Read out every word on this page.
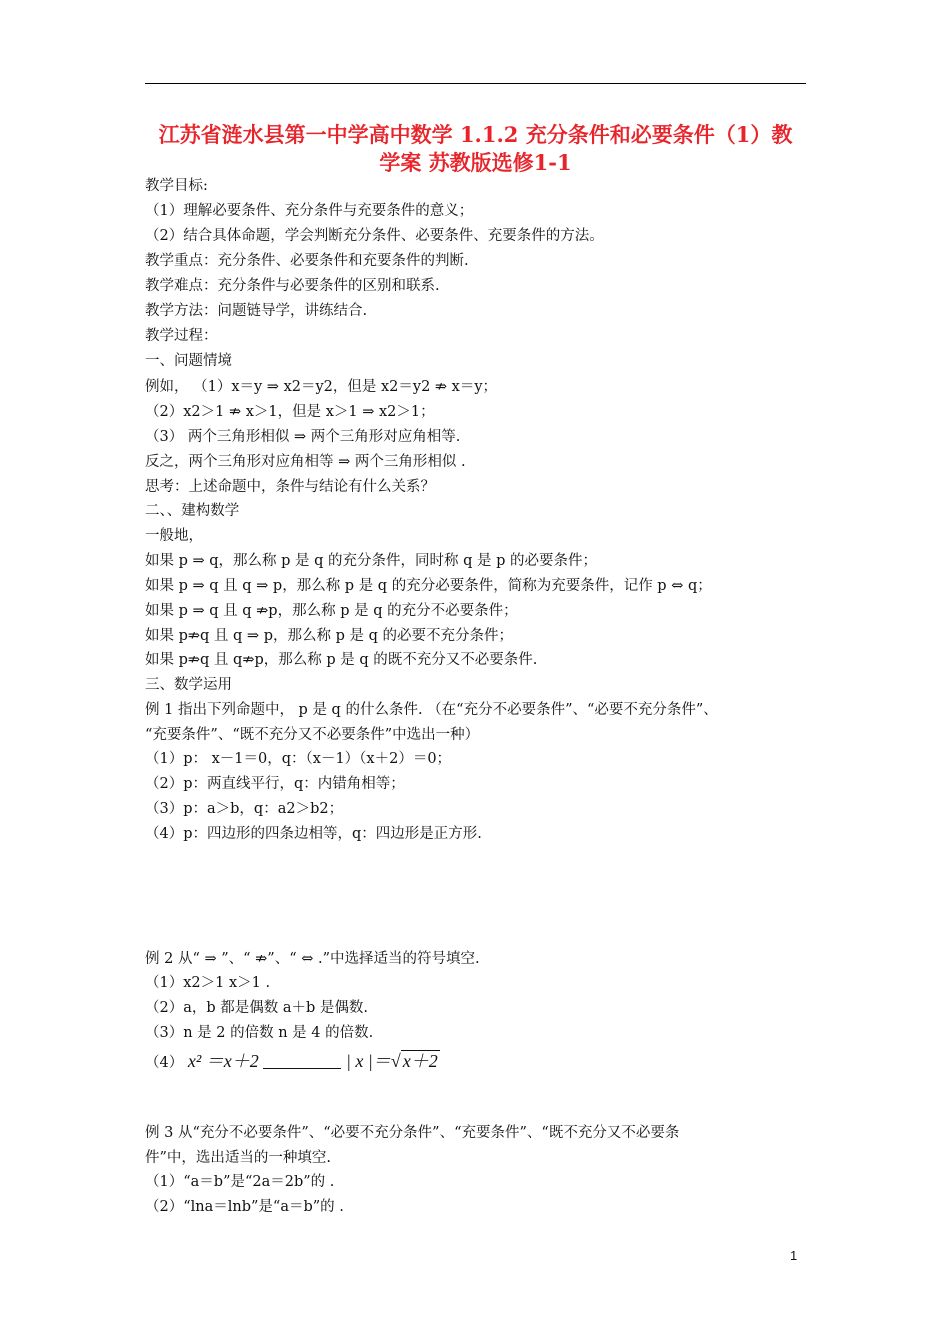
江苏省涟水县第一中学高中数学 1.1.2 充分条件和必要条件（1）教
学案 苏教版选修1-1
教学目标:
（1）理解必要条件、充分条件与充要条件的意义；
（2）结合具体命题，学会判断充分条件、必要条件、充要条件的方法。
教学重点：充分条件、必要条件和充要条件的判断.
教学难点：充分条件与必要条件的区别和联系.
教学方法：问题链导学，讲练结合.
教学过程：
一、问题情境
例如， （1）x＝y ⇒ x2＝y2，但是 x2＝y2 ⇏ x＝y；
（2）x2＞1 ⇏ x＞1，但是 x＞1 ⇒ x2＞1；
（3） 两个三角形相似 ⇒ 两个三角形对应角相等.
反之，两个三角形对应角相等 ⇒ 两个三角形相似 .
思考：上述命题中，条件与结论有什么关系？
二、、建构数学
一般地，
如果 p ⇒ q，那么称 p 是 q 的充分条件，同时称 q 是 p 的必要条件；
如果 p ⇒ q 且 q ⇒ p，那么称 p 是 q 的充分必要条件，简称为充要条件，记作 p ⇔ q；
如果 p ⇒ q 且 q ⇏p，那么称 p 是 q 的充分不必要条件；
如果 p⇏q 且 q ⇒ p，那么称 p 是 q 的必要不充分条件；
如果 p⇏q 且 q⇏p，那么称 p 是 q 的既不充分又不必要条件.
三、数学运用
例 1 指出下列命题中， p 是 q 的什么条件. （在“充分不必要条件”、“必要不充分条件”、
“充要条件”、“既不充分又不必要条件”中选出一种）
（1）p： x－1＝0，q：（x－1）（x＋2）＝0；
（2）p：两直线平行，q：内错角相等；
（3）p：a＞b，q：a2＞b2；
（4）p：四边形的四条边相等，q：四边形是正方形.
例 2 从“ ⇒ ”、“ ⇏”、“ ⇔ .”中选择适当的符号填空.
（1）x2＞1 x＞1 .
（2）a，b 都是偶数 a＋b 是偶数.
（3）n 是 2 的倍数 n 是 4 的倍数.
（4） x² ＝x＋2	| x |＝√ x＋2
例 3 从“充分不必要条件”、“必要不充分条件”、“充要条件”、“既不充分又不必要条
件”中，选出适当的一种填空.
（1）“a＝b”是“2a＝2b”的 .
（2）“lna＝lnb”是“a＝b”的 .
1
